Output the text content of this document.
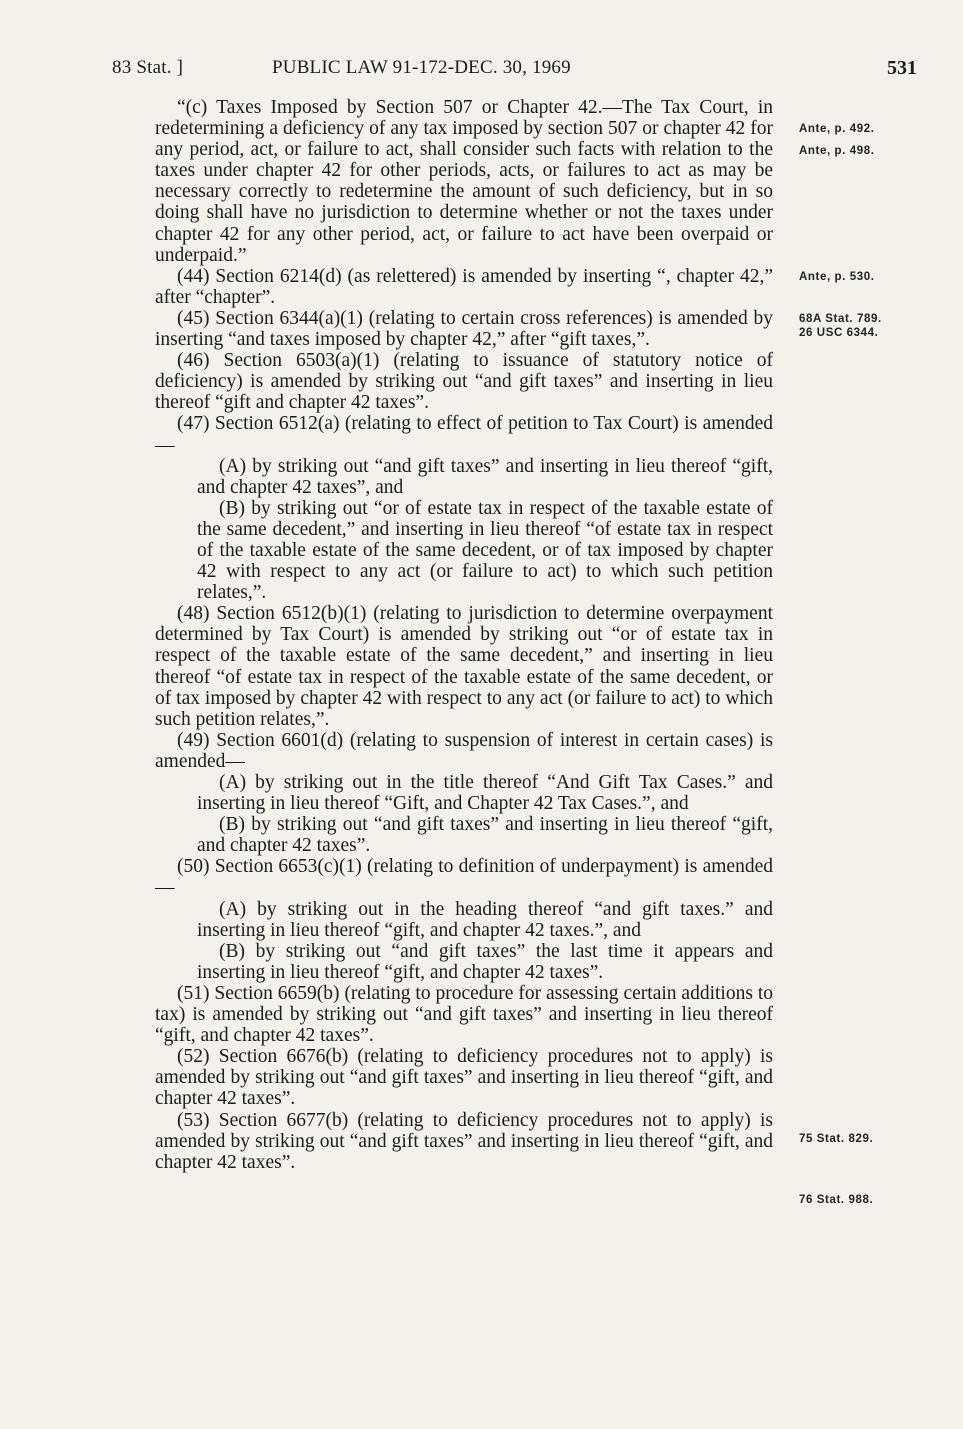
83 Stat. ]	PUBLIC LAW 91-172-DEC. 30, 1969	531

“(c) Taxes Imposed by Section 507 or Chapter 42.—The Tax Court, in redetermining a deficiency of any tax imposed by section 507 or chapter 42 for any period, act, or failure to act, shall consider such facts with relation to the taxes under chapter 42 for other periods, acts, or failures to act as may be necessary correctly to redetermine the amount of such deficiency, but in so doing shall have no jurisdiction to determine whether or not the taxes under chapter 42 for any other period, act, or failure to act have been overpaid or underpaid.”

(44) Section 6214(d) (as relettered) is amended by inserting “, chapter 42,” after “chapter”.

(45) Section 6344(a)(1) (relating to certain cross references) is amended by inserting “and taxes imposed by chapter 42,” after “gift taxes,”.

(46) Section 6503(a)(1) (relating to issuance of statutory notice of deficiency) is amended by striking out “and gift taxes” and inserting in lieu thereof “gift and chapter 42 taxes”.

(47) Section 6512(a) (relating to effect of petition to Tax Court) is amended—

(A) by striking out “and gift taxes” and inserting in lieu thereof “gift, and chapter 42 taxes”, and

(B) by striking out “or of estate tax in respect of the taxable estate of the same decedent,” and inserting in lieu thereof “of estate tax in respect of the taxable estate of the same decedent, or of tax imposed by chapter 42 with respect to any act (or failure to act) to which such petition relates,”.

(48) Section 6512(b)(1) (relating to jurisdiction to determine overpayment determined by Tax Court) is amended by striking out “or of estate tax in respect of the taxable estate of the same decedent,” and inserting in lieu thereof “of estate tax in respect of the taxable estate of the same decedent, or of tax imposed by chapter 42 with respect to any act (or failure to act) to which such petition relates,”.

(49) Section 6601(d) (relating to suspension of interest in certain cases) is amended—

(A) by striking out in the title thereof “And Gift Tax Cases.” and inserting in lieu thereof “Gift, and Chapter 42 Tax Cases.”, and

(B) by striking out “and gift taxes” and inserting in lieu thereof “gift, and chapter 42 taxes”.

(50) Section 6653(c)(1) (relating to definition of underpayment) is amended—

(A) by striking out in the heading thereof “and gift taxes.” and inserting in lieu thereof “gift, and chapter 42 taxes.”, and

(B) by striking out “and gift taxes” the last time it appears and inserting in lieu thereof “gift, and chapter 42 taxes”.

(51) Section 6659(b) (relating to procedure for assessing certain additions to tax) is amended by striking out “and gift taxes” and inserting in lieu thereof “gift, and chapter 42 taxes”.

(52) Section 6676(b) (relating to deficiency procedures not to apply) is amended by striking out “and gift taxes” and inserting in lieu thereof “gift, and chapter 42 taxes”.

(53) Section 6677(b) (relating to deficiency procedures not to apply) is amended by striking out “and gift taxes” and inserting in lieu thereof “gift, and chapter 42 taxes”.

Ante, p. 492.
Ante, p. 498.
Ante, p. 530.
68A Stat. 789.
26 USC 6344.
75 Stat. 829.
76 Stat. 988.
